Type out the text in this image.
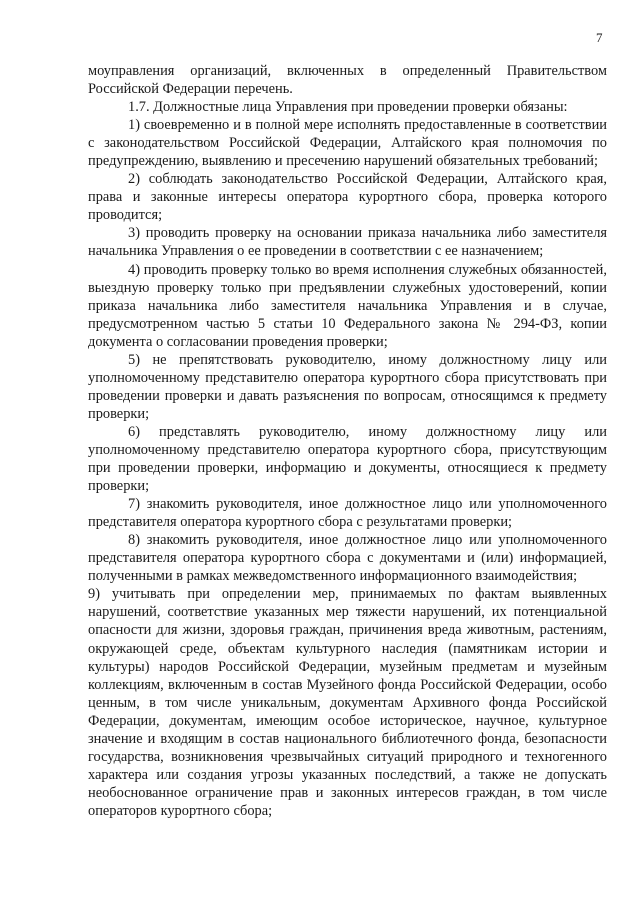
7

моуправления организаций, включенных в определенный Правительством Российской Федерации перечень.

1.7. Должностные лица Управления при проведении проверки обязаны:

1) своевременно и в полной мере исполнять предоставленные в соответствии с законодательством Российской Федерации, Алтайского края полномочия по предупреждению, выявлению и пресечению нарушений обязательных требований;

2) соблюдать законодательство Российской Федерации, Алтайского края, права и законные интересы оператора курортного сбора, проверка которого проводится;

3) проводить проверку на основании приказа начальника либо заместителя начальника Управления о ее проведении в соответствии с ее назначением;

4) проводить проверку только во время исполнения служебных обязанностей, выездную проверку только при предъявлении служебных удостоверений, копии приказа начальника либо заместителя начальника Управления и в случае, предусмотренном частью 5 статьи 10 Федерального закона № 294-ФЗ, копии документа о согласовании проведения проверки;

5) не препятствовать руководителю, иному должностному лицу или уполномоченному представителю оператора курортного сбора присутствовать при проведении проверки и давать разъяснения по вопросам, относящимся к предмету проверки;

6) представлять руководителю, иному должностному лицу или уполномоченному представителю оператора курортного сбора, присутствующим при проведении проверки, информацию и документы, относящиеся к предмету проверки;

7) знакомить руководителя, иное должностное лицо или уполномоченного представителя оператора курортного сбора с результатами проверки;

8) знакомить руководителя, иное должностное лицо или уполномоченного представителя оператора курортного сбора с документами и (или) информацией, полученными в рамках межведомственного информационного взаимодействия;

9) учитывать при определении мер, принимаемых по фактам выявленных нарушений, соответствие указанных мер тяжести нарушений, их потенциальной опасности для жизни, здоровья граждан, причинения вреда животным, растениям, окружающей среде, объектам культурного наследия (памятникам истории и культуры) народов Российской Федерации, музейным предметам и музейным коллекциям, включенным в состав Музейного фонда Российской Федерации, особо ценным, в том числе уникальным, документам Архивного фонда Российской Федерации, документам, имеющим особое историческое, научное, культурное значение и входящим в состав национального библиотечного фонда, безопасности государства, возникновения чрезвычайных ситуаций природного и техногенного характера или создания угрозы указанных последствий, а также не допускать необоснованное ограничение прав и законных интересов граждан, в том числе операторов курортного сбора;
